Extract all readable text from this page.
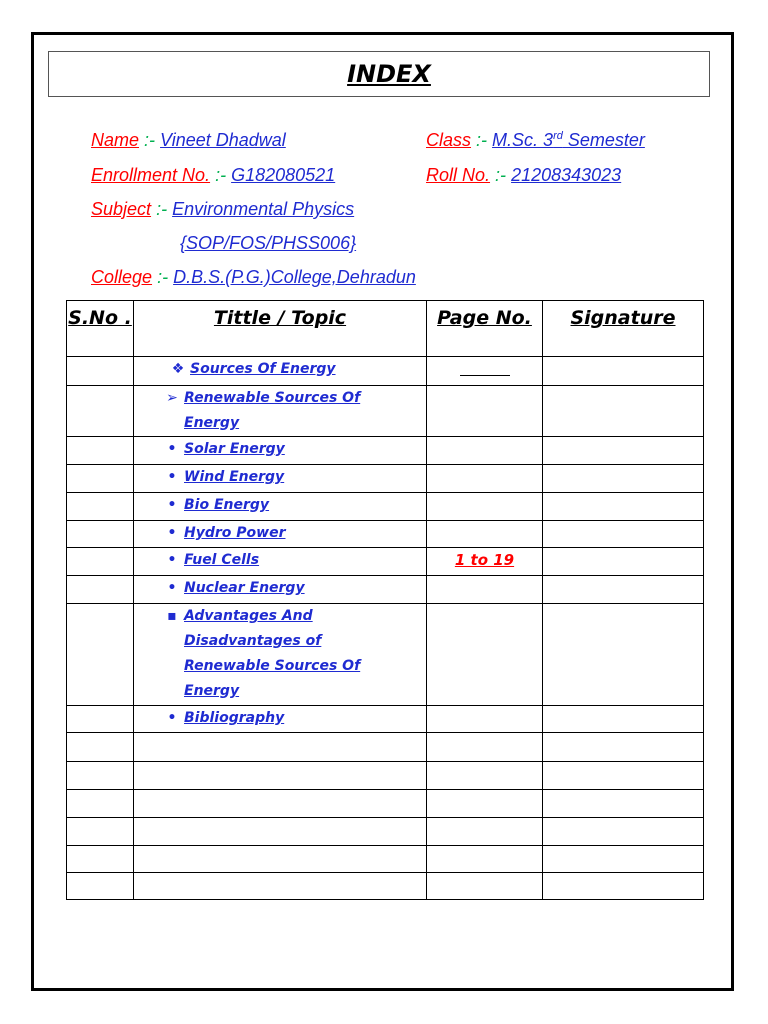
INDEX
Name :- Vineet Dhadwal	Class :- M.Sc. 3rd Semester
Enrollment No. :- G182080521	Roll No. :- 21208343023
Subject :- Environmental Physics
{SOP/FOS/PHSS006}
College :- D.B.S.(P.G.)College,Dehradun
S.No .	Tittle / Topic	Page No.	Signature

	❖ Sources Of Energy		

	➢ Renewable Sources Of Energy		

	• Solar Energy		

	• Wind Energy		

	• Bio Energy		

	• Hydro Power		

	• Fuel Cells	1 to 19	

	• Nuclear Energy		

	▪ Advantages And Disadvantages of Renewable Sources Of Energy		

	• Bibliography		
